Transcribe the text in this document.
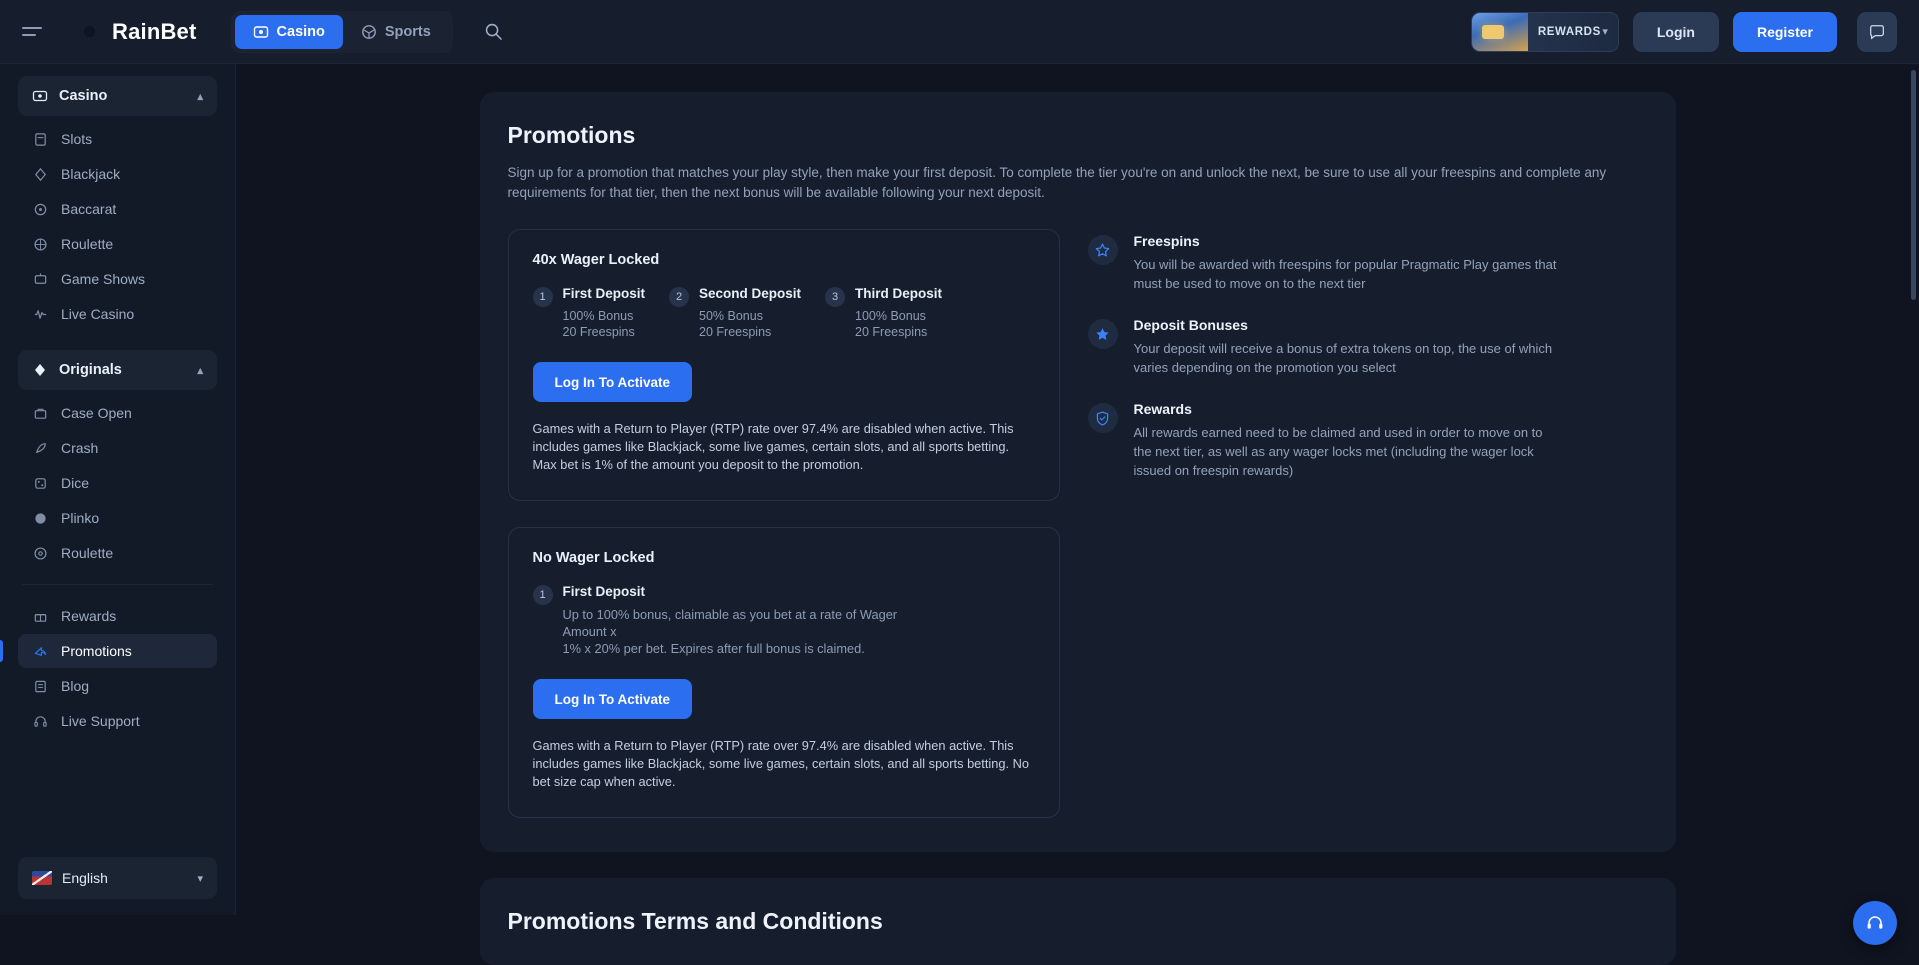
RainBet	Casino	Sports	REWARDS ▾	Login	Register
Casino	▴
Slots
Blackjack
Baccarat
Roulette
Game Shows
Live Casino
Originals	▴
Case Open
Crash
Dice
Plinko
Roulette
Rewards
Promotions
Blog
Live Support
English	▾
Promotions
Sign up for a promotion that matches your play style, then make your first deposit. To complete the tier you're on and unlock the next, be sure to use all your freespins and complete any requirements for that tier, then the next bonus will be available following your next deposit.
40x Wager Locked
1	First Deposit
100% Bonus
20 Freespins
2	Second Deposit
50% Bonus
20 Freespins
3	Third Deposit
100% Bonus
20 Freespins
Log In To Activate
Games with a Return to Player (RTP) rate over 97.4% are disabled when active. This includes games like Blackjack, some live games, certain slots, and all sports betting. Max bet is 1% of the amount you deposit to the promotion.
No Wager Locked
1	First Deposit
Up to 100% bonus, claimable as you bet at a rate of Wager Amount x
1% x 20% per bet. Expires after full bonus is claimed.
Log In To Activate
Games with a Return to Player (RTP) rate over 97.4% are disabled when active. This includes games like Blackjack, some live games, certain slots, and all sports betting. No bet size cap when active.
Freespins
You will be awarded with freespins for popular Pragmatic Play games that must be used to move on to the next tier
Deposit Bonuses
Your deposit will receive a bonus of extra tokens on top, the use of which varies depending on the promotion you select
Rewards
All rewards earned need to be claimed and used in order to move on to the next tier, as well as any wager locks met (including the wager lock issued on freespin rewards)
Promotions Terms and Conditions
